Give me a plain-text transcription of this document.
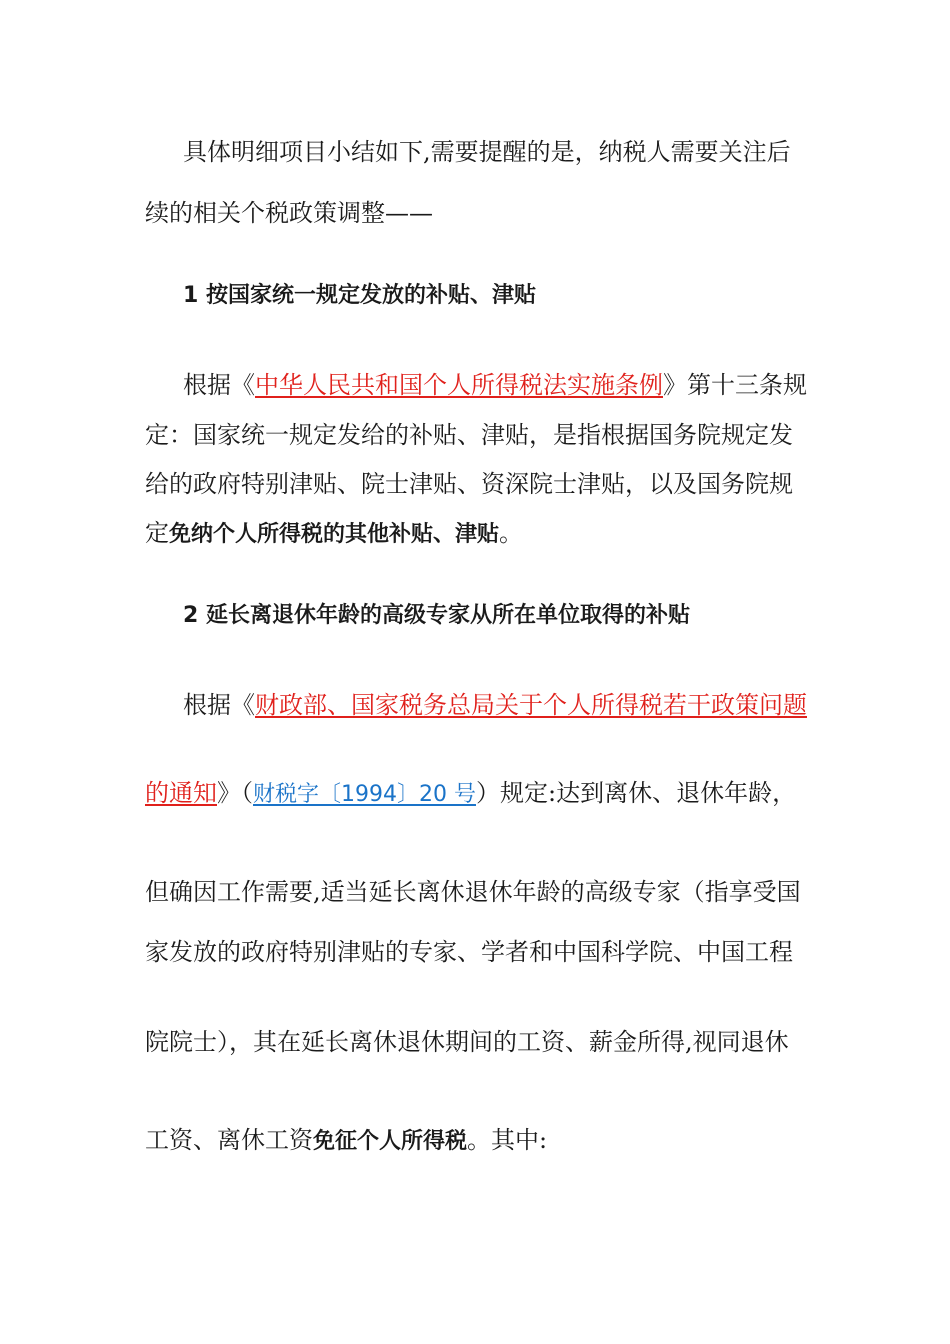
具体明细项目小结如下,需要提醒的是，纳税人需要关注后
续的相关个税政策调整——
1 按国家统一规定发放的补贴、津贴
根据《中华人民共和国个人所得税法实施条例》第十三条规
定：国家统一规定发给的补贴、津贴，是指根据国务院规定发
给的政府特别津贴、院士津贴、资深院士津贴，以及国务院规
定免纳个人所得税的其他补贴、津贴。
2 延长离退休年龄的高级专家从所在单位取得的补贴
根据《财政部、国家税务总局关于个人所得税若干政策问题
的通知》（财税字〔1994〕20 号）规定:达到离休、退休年龄，
但确因工作需要,适当延长离休退休年龄的高级专家（指享受国
家发放的政府特别津贴的专家、学者和中国科学院、中国工程
院院士），其在延长离休退休期间的工资、薪金所得,视同退休
工资、离休工资免征个人所得税。其中:
